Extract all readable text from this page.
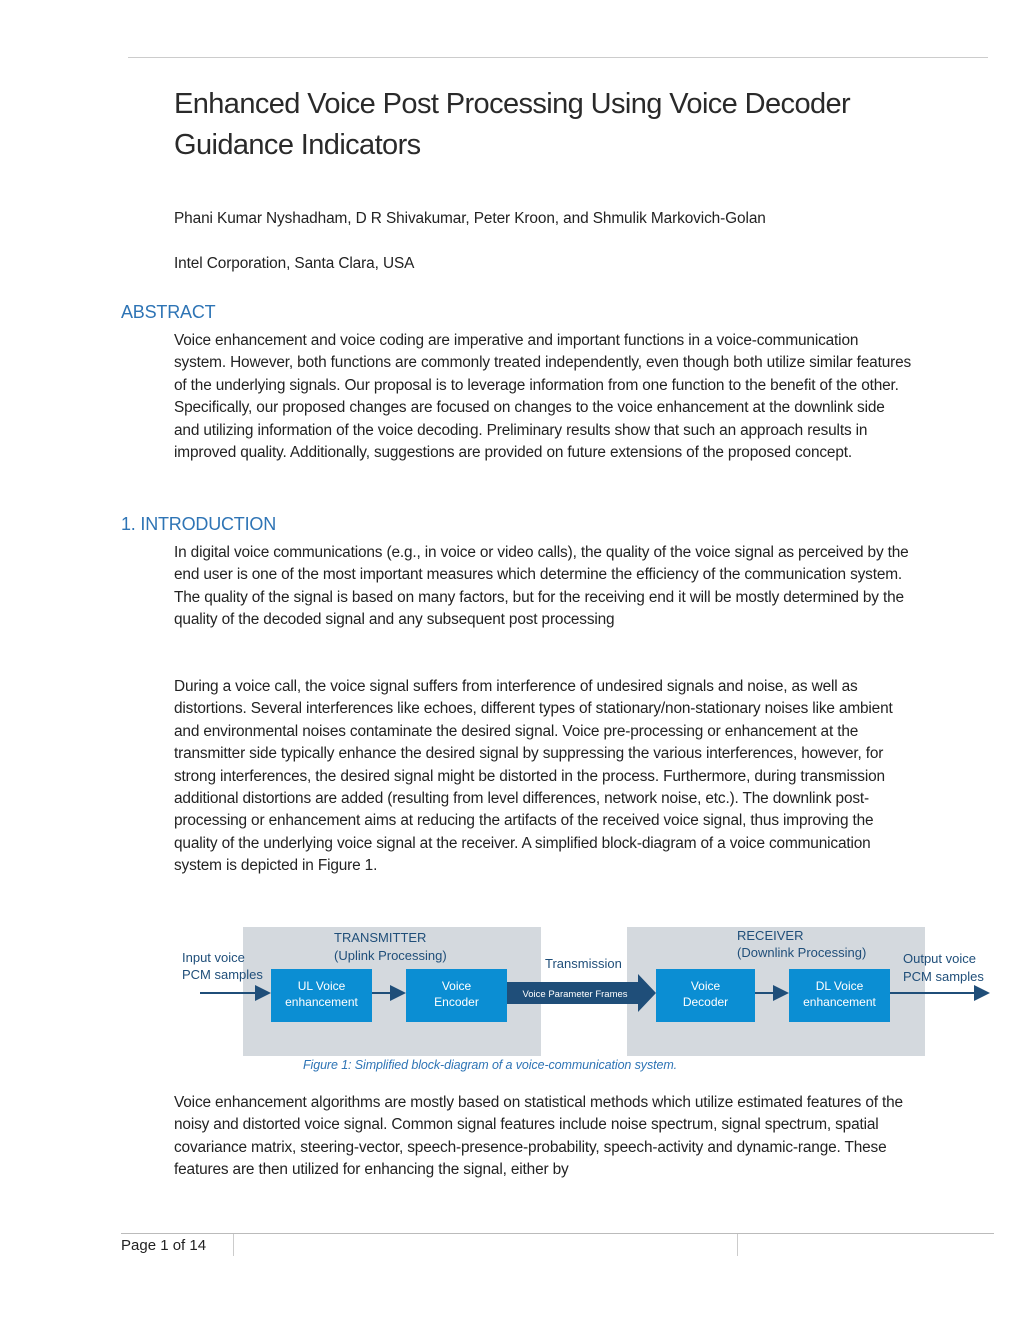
Enhanced Voice Post Processing Using Voice Decoder Guidance Indicators
Phani Kumar Nyshadham, D R Shivakumar, Peter Kroon, and Shmulik Markovich-Golan
Intel Corporation, Santa Clara, USA
ABSTRACT

Voice enhancement and voice coding are imperative and important functions in a voice-communication system. However, both functions are commonly treated independently, even though both utilize similar features of the underlying signals. Our proposal is to leverage information from one function to the benefit of the other. Specifically, our proposed changes are focused on changes to the voice enhancement at the downlink side and utilizing information of the voice decoding. Preliminary results show that such an approach results in improved quality. Additionally, suggestions are provided on future extensions of the proposed concept.

1. INTRODUCTION

In digital voice communications (e.g., in voice or video calls), the quality of the voice signal as perceived by the end user is one of the most important measures which determine the efficiency of the communication system. The quality of the signal is based on many factors, but for the receiving end it will be mostly determined by the quality of the decoded signal and any subsequent post processing

During a voice call, the voice signal suffers from interference of undesired signals and noise, as well as distortions. Several interferences like echoes, different types of stationary/non-stationary noises like ambient and environmental noises contaminate the desired signal. Voice pre-processing or enhancement at the transmitter side typically enhance the desired signal by suppressing the various interferences, however, for strong interferences, the desired signal might be distorted in the process. Furthermore, during transmission additional distortions are added (resulting from level differences, network noise, etc.). The downlink post-processing or enhancement aims at reducing the artifacts of the received voice signal, thus improving the quality of the underlying voice signal at the receiver. A simplified block-diagram of a voice communication system is depicted in Figure 1.

Input voice
PCM samples
TRANSMITTER
(Uplink Processing)
UL Voice
enhancement
Voice
Encoder
Transmission
Voice Parameter Frames
RECEIVER
(Downlink Processing)
Voice
Decoder
DL Voice
enhancement
Output voice
PCM samples
Figure 1: Simplified block-diagram of a voice-communication system.

Voice enhancement algorithms are mostly based on statistical methods which utilize estimated features of the noisy and distorted voice signal. Common signal features include noise spectrum, signal spectrum, spatial covariance matrix, steering-vector, speech-presence-probability, speech-activity and dynamic-range. These features are then utilized for enhancing the signal, either by

Page 1 of 14
